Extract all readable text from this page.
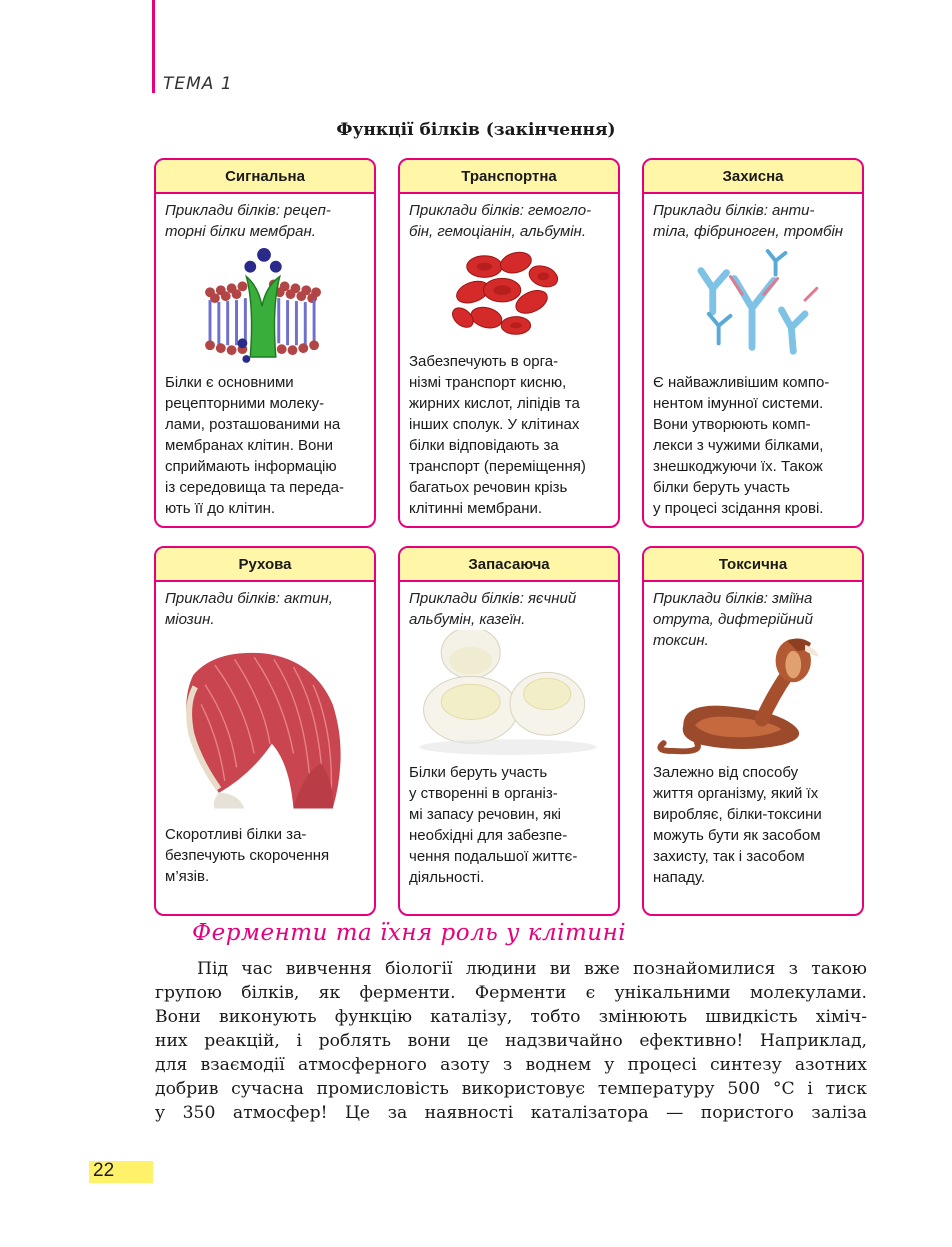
ТЕМА 1
Функції білків (закінчення)
Сигнальна
Приклади білків: рецеп-
торні білки мембран.
Білки є основними
рецепторними молеку-
лами, розташованими на
мембранах клітин. Вони
сприймають інформацію
із середовища та переда-
ють її до клітин.
Транспортна
Приклади білків: гемогло-
бін, гемоціанін, альбумін.
Забезпечують в орга-
нізмі транспорт кисню,
жирних кислот, ліпідів та
інших сполук. У клітинах
білки відповідають за
транспорт (переміщення)
багатьох речовин крізь
клітинні мембрани.
Захисна
Приклади білків: анти-
тіла, фібриноген, тромбін
Є найважливішим компо-
нентом імунної системи.
Вони утворюють комп-
лекси з чужими білками,
знешкоджуючи їх. Також
білки беруть участь
у процесі зсідання крові.
Рухова
Приклади білків: актин,
міозин.
Скоротливі білки за-
безпечують скорочення
м’язів.
Запасаюча
Приклади білків: яєчний
альбумін, казеїн.
Білки беруть участь
у створенні в організ-
мі запасу речовин, які
необхідні для забезпе-
чення подальшої життє-
діяльності.
Токсична
Приклади білків: зміїна
отрута, дифтерійний
токсин.
Залежно від способу
життя організму, який їх
виробляє, білки-токсини
можуть бути як засобом
захисту, так і засобом
нападу.
Ферменти та їхня роль у клітині
Під час вивчення біології людини ви вже познайомилися з такою
групою білків, як ферменти. Ферменти є унікальними молекулами.
Вони виконують функцію каталізу, тобто змінюють швидкість хіміч-
них реакцій, і роблять вони це надзвичайно ефективно! Наприклад,
для взаємодії атмосферного азоту з воднем у процесі синтезу азотних
добрив сучасна промисловість використовує температуру 500 °С і тиск
у 350 атмосфер! Це за наявності каталізатора — пористого заліза
22
